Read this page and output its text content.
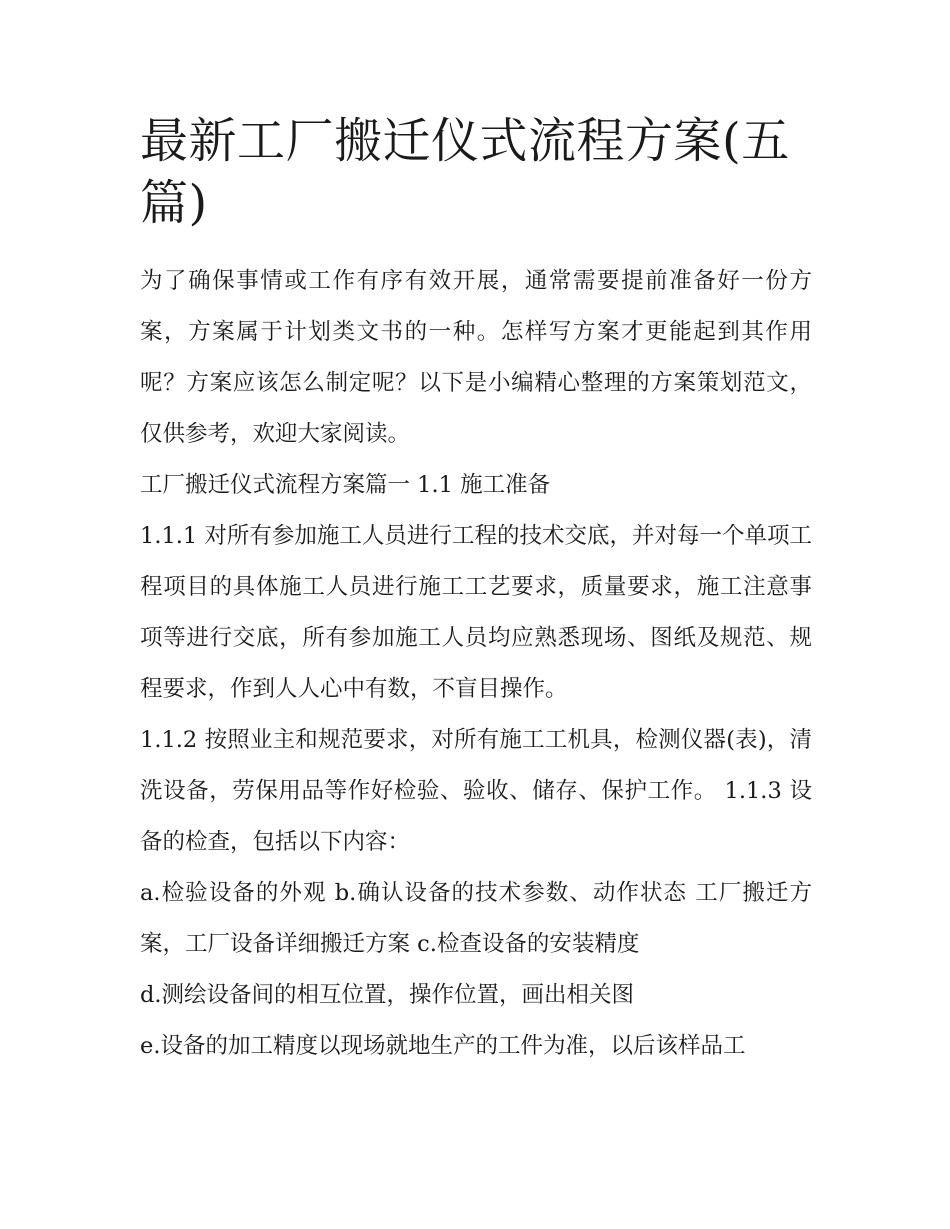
最新工厂搬迁仪式流程方案(五篇)

为了确保事情或工作有序有效开展，通常需要提前准备好一份方案，方案属于计划类文书的一种。怎样写方案才更能起到其作用呢？方案应该怎么制定呢？以下是小编精心整理的方案策划范文，仅供参考，欢迎大家阅读。

工厂搬迁仪式流程方案篇一 1.1 施工准备

1.1.1 对所有参加施工人员进行工程的技术交底，并对每一个单项工程项目的具体施工人员进行施工工艺要求，质量要求，施工注意事项等进行交底，所有参加施工人员均应熟悉现场、图纸及规范、规程要求，作到人人心中有数，不盲目操作。

1.1.2 按照业主和规范要求，对所有施工工机具，检测仪器(表)，清洗设备，劳保用品等作好检验、验收、储存、保护工作。 1.1.3 设备的检查，包括以下内容：

a.检验设备的外观 b.确认设备的技术参数、动作状态 工厂搬迁方案，工厂设备详细搬迁方案 c.检查设备的安装精度

d.测绘设备间的相互位置，操作位置，画出相关图

e.设备的加工精度以现场就地生产的工件为准，以后该样品工
